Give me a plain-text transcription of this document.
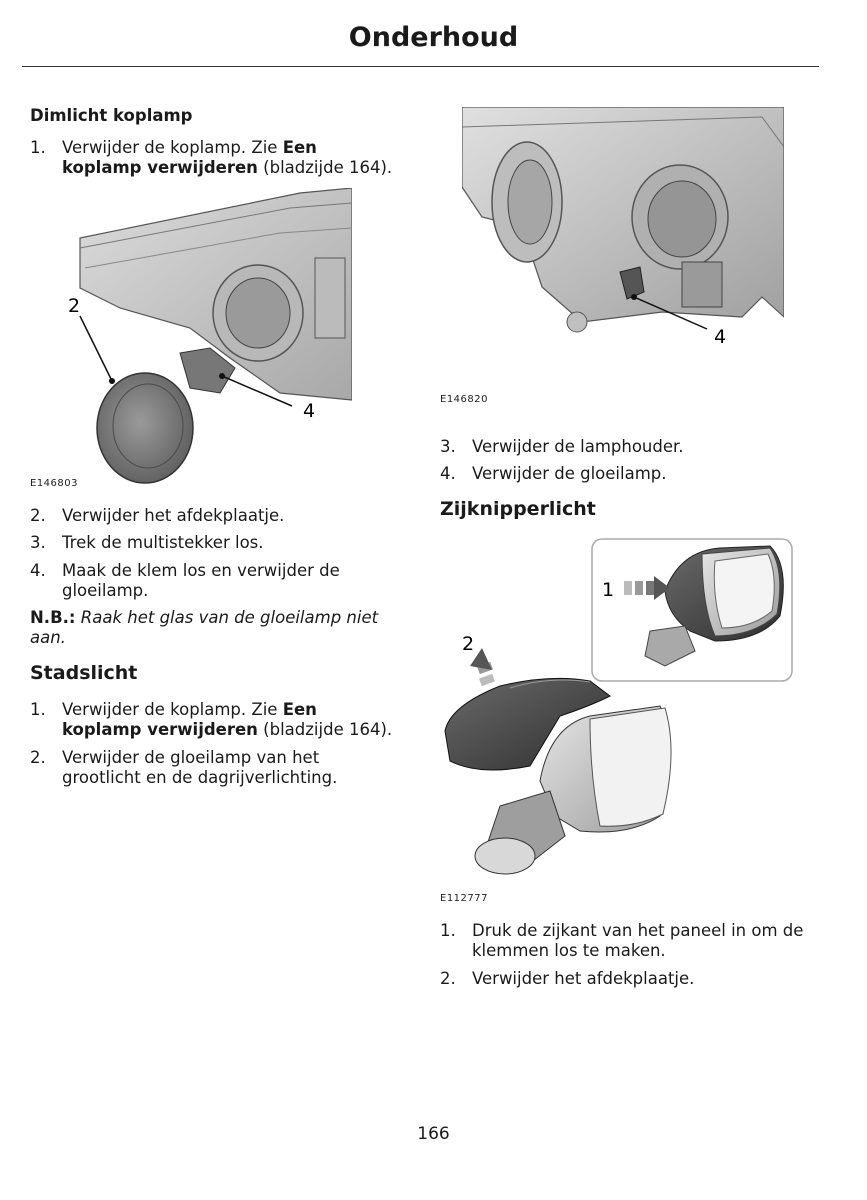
Onderhoud
Dimlicht koplamp
1. Verwijder de koplamp. Zie Een
koplamp verwijderen (bladzijde 164).
2
4
E146803
2. Verwijder het afdekplaatje.
3. Trek de multistekker los.
4. Maak de klem los en verwijder de gloeilamp.
N.B.: Raak het glas van de gloeilamp niet aan.
Stadslicht
1. Verwijder de koplamp. Zie Een
koplamp verwijderen (bladzijde 164).
2. Verwijder de gloeilamp van het grootlicht en de dagrijverlichting.
4
E146820
3. Verwijder de lamphouder.
4. Verwijder de gloeilamp.
Zijknipperlicht
1
2
E112777
1. Druk de zijkant van het paneel in om de klemmen los te maken.
2. Verwijder het afdekplaatje.
166
